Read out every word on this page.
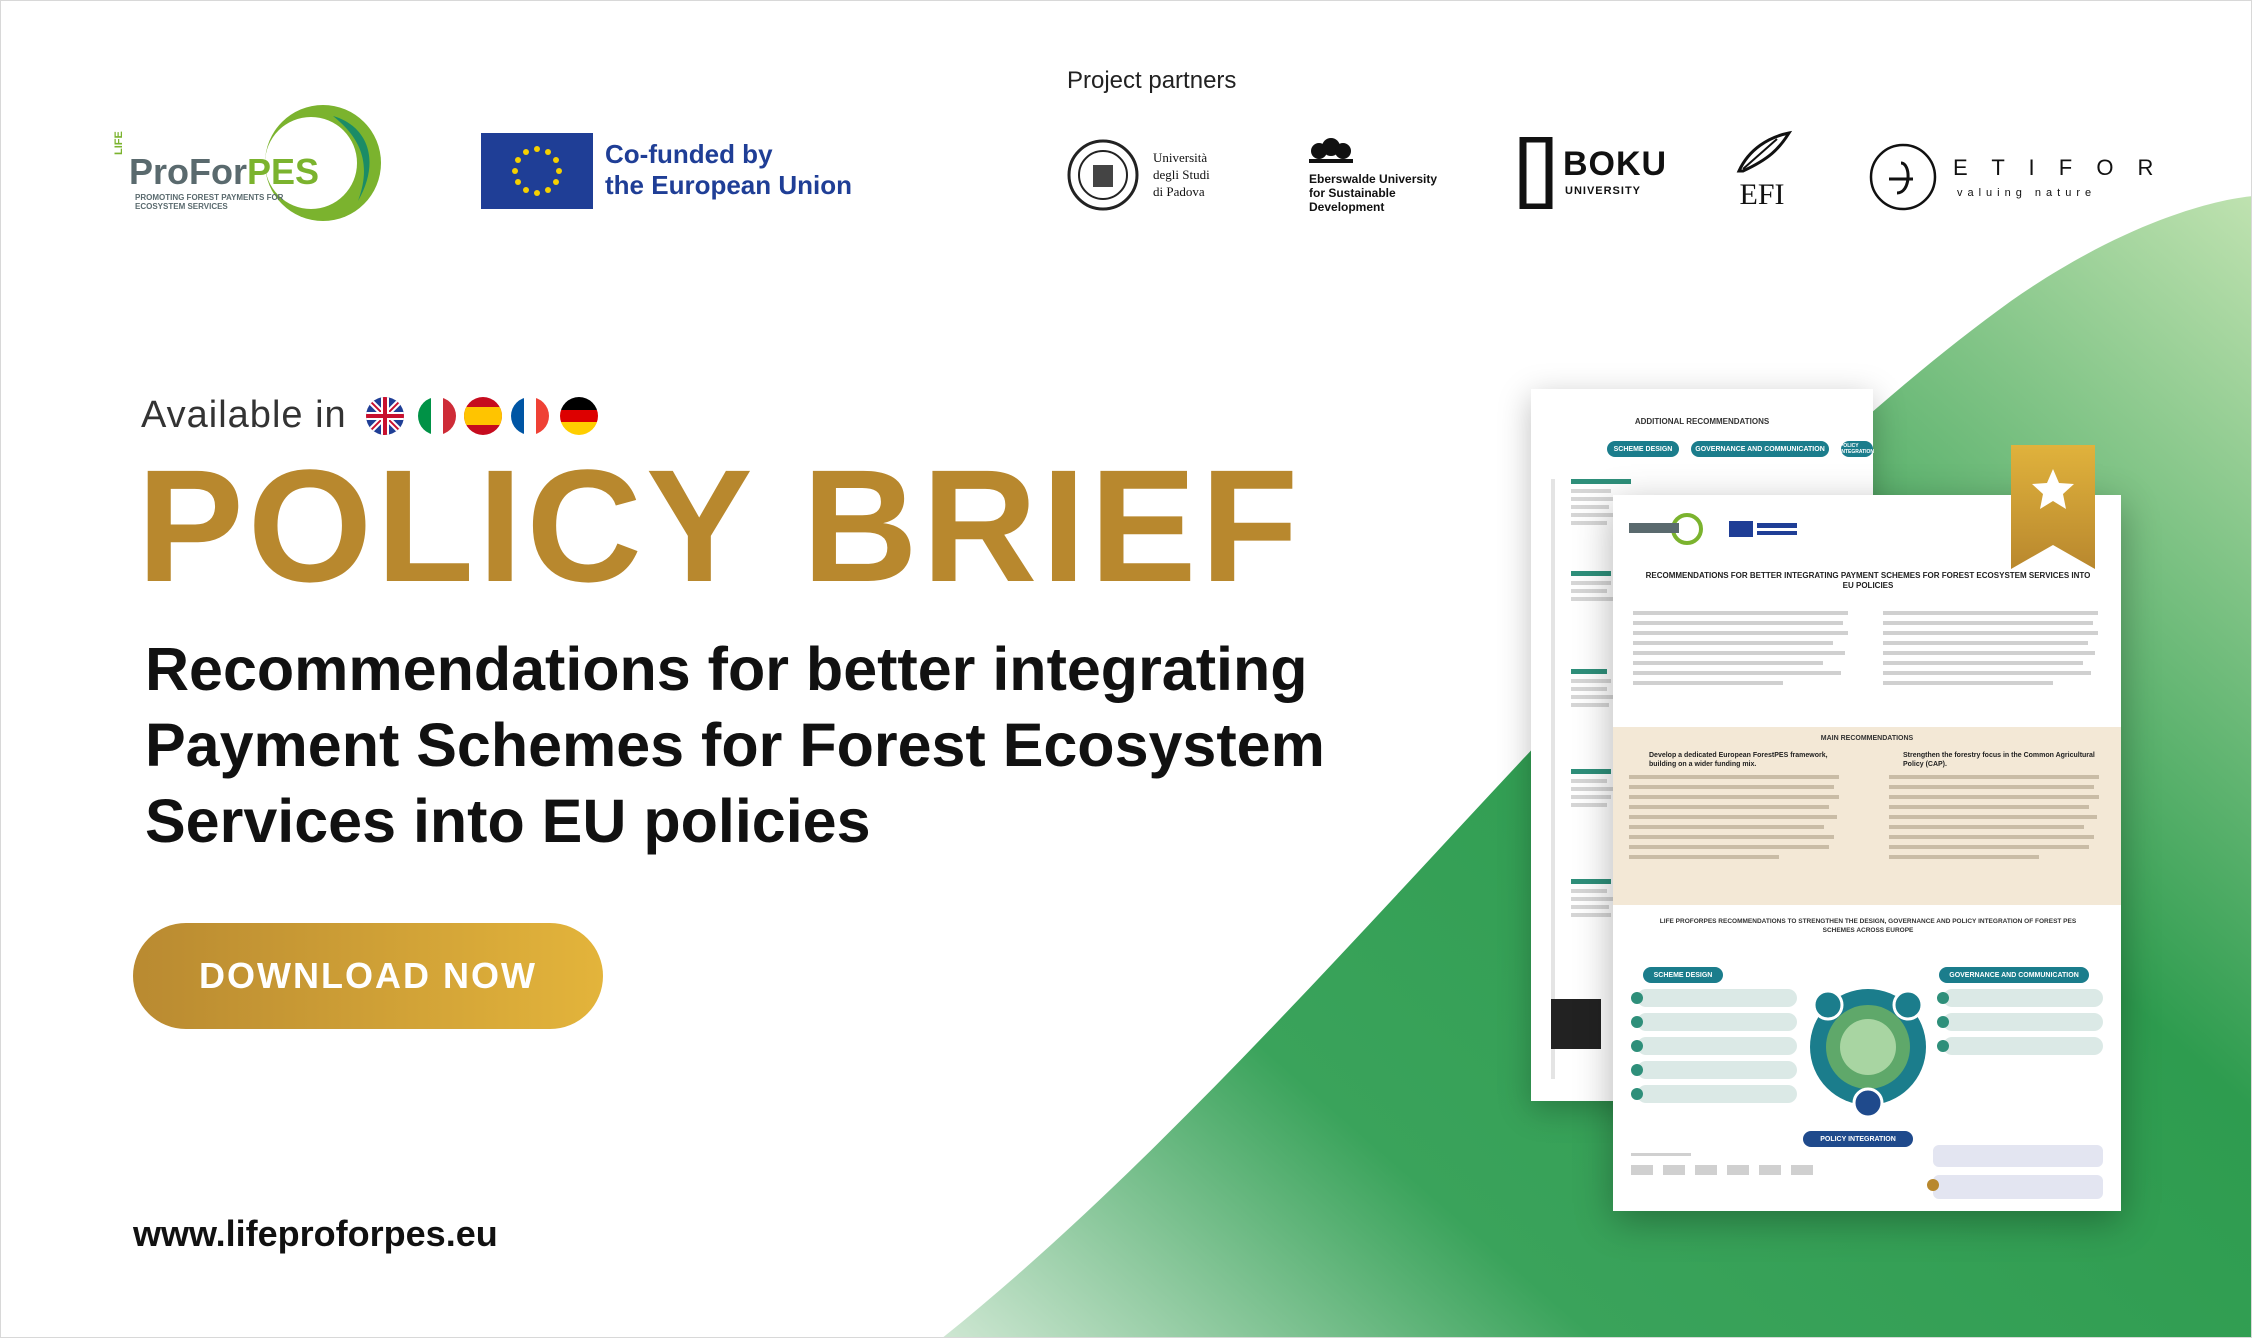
LIFE
ProForPES
PROMOTING FOREST PAYMENTS FOR ECOSYSTEM SERVICES
Co-funded by
the European Union
Project partners
Università
degli Studi
di Padova
Eberswalde University
for Sustainable
Development
BOKU
UNIVERSITY	EFI
E T I F O R
valuing nature
Available in
POLICY BRIEF
Recommendations for better integrating Payment Schemes for Forest Ecosystem Services into EU policies
DOWNLOAD NOW
www.lifeproforpes.eu
ADDITIONAL RECOMMENDATIONS
SCHEME DESIGN	GOVERNANCE AND COMMUNICATION	POLICY INTEGRATION
RECOMMENDATIONS FOR BETTER INTEGRATING PAYMENT SCHEMES FOR FOREST ECOSYSTEM SERVICES INTO EU POLICIES
MAIN RECOMMENDATIONS
Develop a dedicated European ForestPES framework, building on a wider funding mix.
Strengthen the forestry focus in the Common Agricultural Policy (CAP).
LIFE PROFORPES RECOMMENDATIONS TO STRENGTHEN THE DESIGN, GOVERNANCE AND POLICY INTEGRATION OF FOREST PES SCHEMES ACROSS EUROPE
SCHEME DESIGN	GOVERNANCE AND COMMUNICATION
POLICY INTEGRATION
